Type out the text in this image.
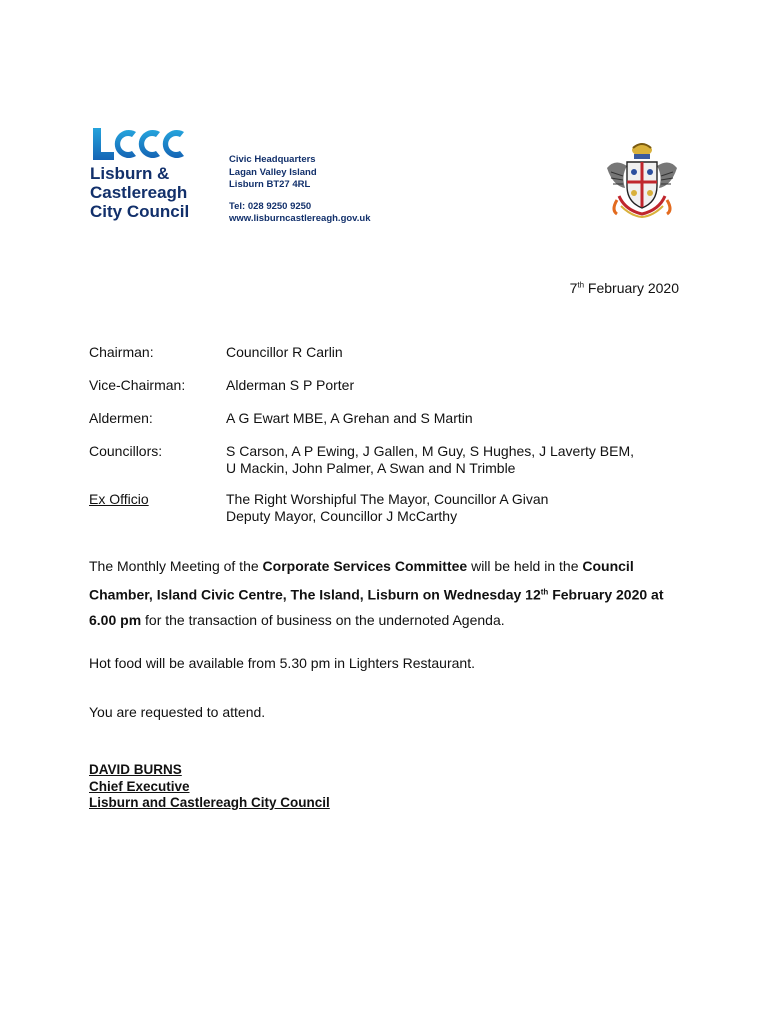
Lisburn &
Castlereagh
City Council
Civic Headquarters
Lagan Valley Island
Lisburn BT27 4RL
Tel: 028 9250 9250
www.lisburncastlereagh.gov.uk
7th February 2020
Chairman:	Councillor R Carlin
Vice-Chairman:	Alderman S P Porter
Aldermen:	A G Ewart MBE, A Grehan and S Martin
Councillors:	S Carson, A P Ewing, J Gallen, M Guy, S Hughes, J Laverty BEM,
U Mackin, John Palmer, A Swan and N Trimble
Ex Officio	The Right Worshipful The Mayor, Councillor A Givan
Deputy Mayor, Councillor J McCarthy
The Monthly Meeting of the Corporate Services Committee will be held in the Council Chamber, Island Civic Centre, The Island, Lisburn on Wednesday 12th February 2020 at 6.00 pm for the transaction of business on the undernoted Agenda.
Hot food will be available from 5.30 pm in Lighters Restaurant.
You are requested to attend.
DAVID BURNS
Chief Executive
Lisburn and Castlereagh City Council
